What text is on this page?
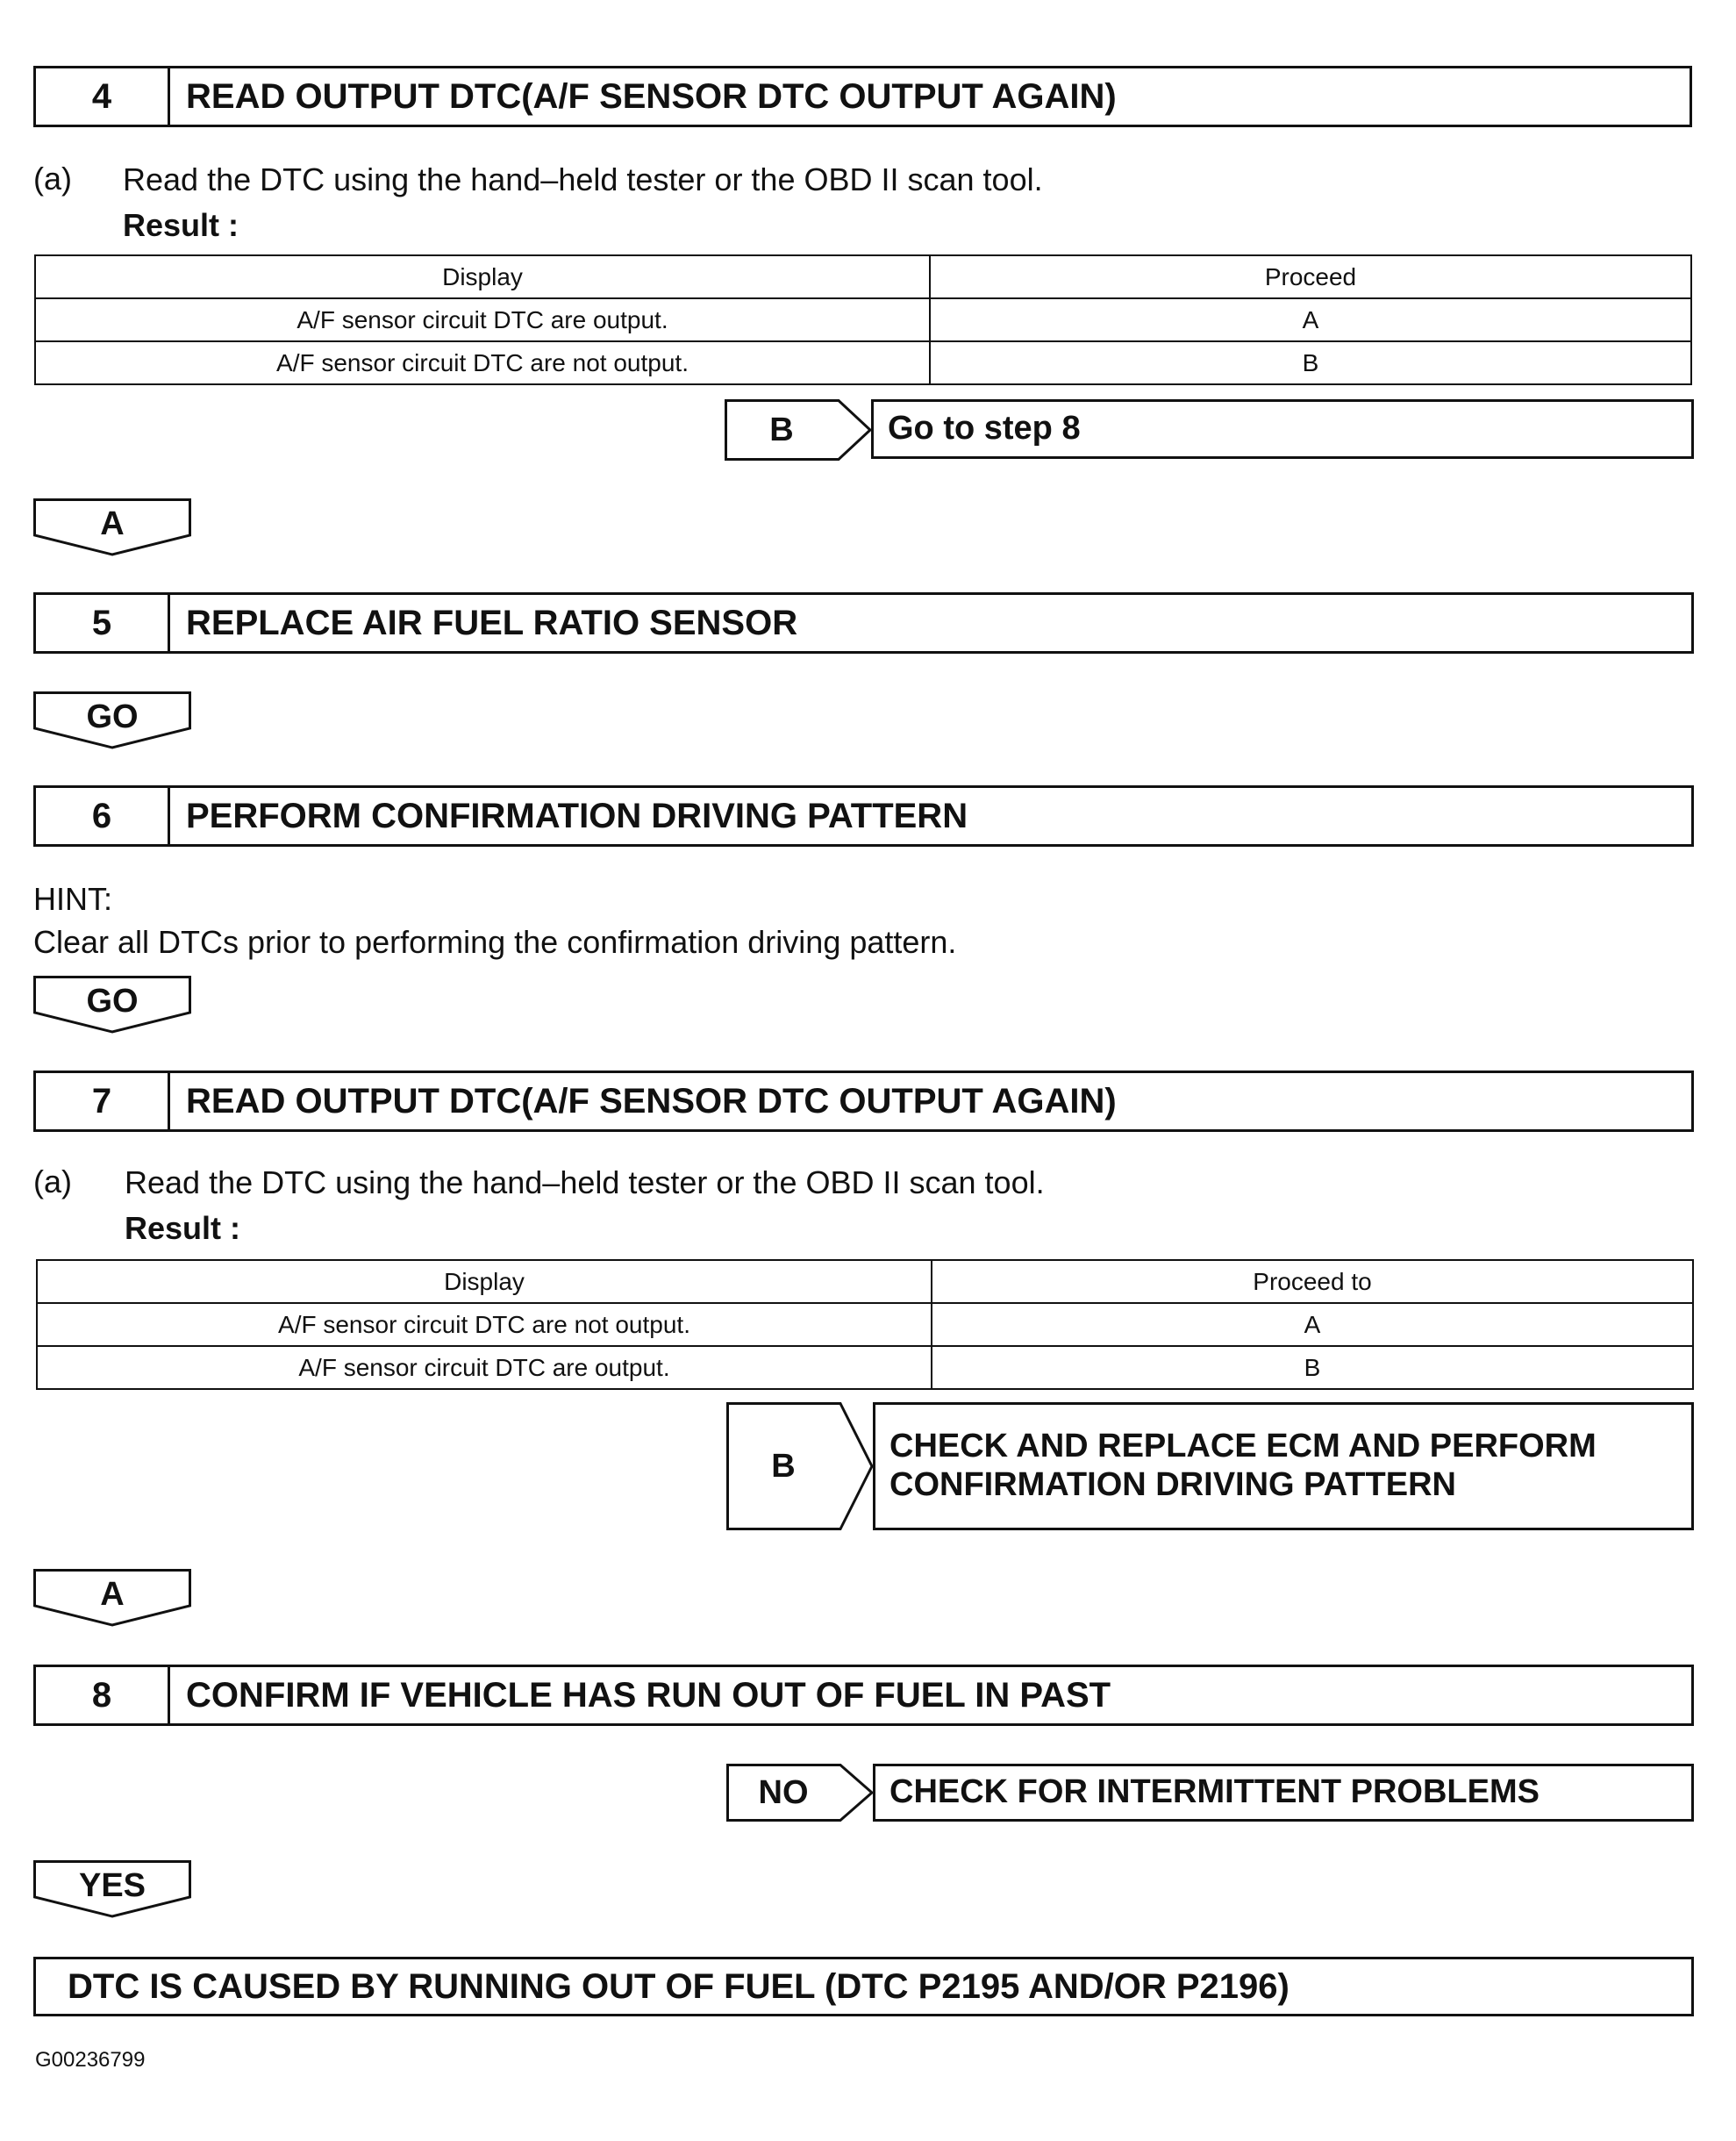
4	READ OUTPUT DTC(A/F SENSOR DTC OUTPUT AGAIN)
(a) Read the DTC using the hand–held tester or the OBD II scan tool.
Result :
Display	Proceed
A/F sensor circuit DTC are output.	A
A/F sensor circuit DTC are not output.	B
B	Go to step 8
A
5	REPLACE AIR FUEL RATIO SENSOR
GO
6	PERFORM CONFIRMATION DRIVING PATTERN
HINT:
Clear all DTCs prior to performing the confirmation driving pattern.
GO
7	READ OUTPUT DTC(A/F SENSOR DTC OUTPUT AGAIN)
(a) Read the DTC using the hand–held tester or the OBD II scan tool.
Result :
Display	Proceed to
A/F sensor circuit DTC are not output.	A
A/F sensor circuit DTC are output.	B
B
CHECK AND REPLACE ECM AND PERFORM
CONFIRMATION DRIVING PATTERN
A
8	CONFIRM IF VEHICLE HAS RUN OUT OF FUEL IN PAST
NO	CHECK FOR INTERMITTENT PROBLEMS
YES
DTC IS CAUSED BY RUNNING OUT OF FUEL (DTC P2195 AND/OR P2196)
G00236799
